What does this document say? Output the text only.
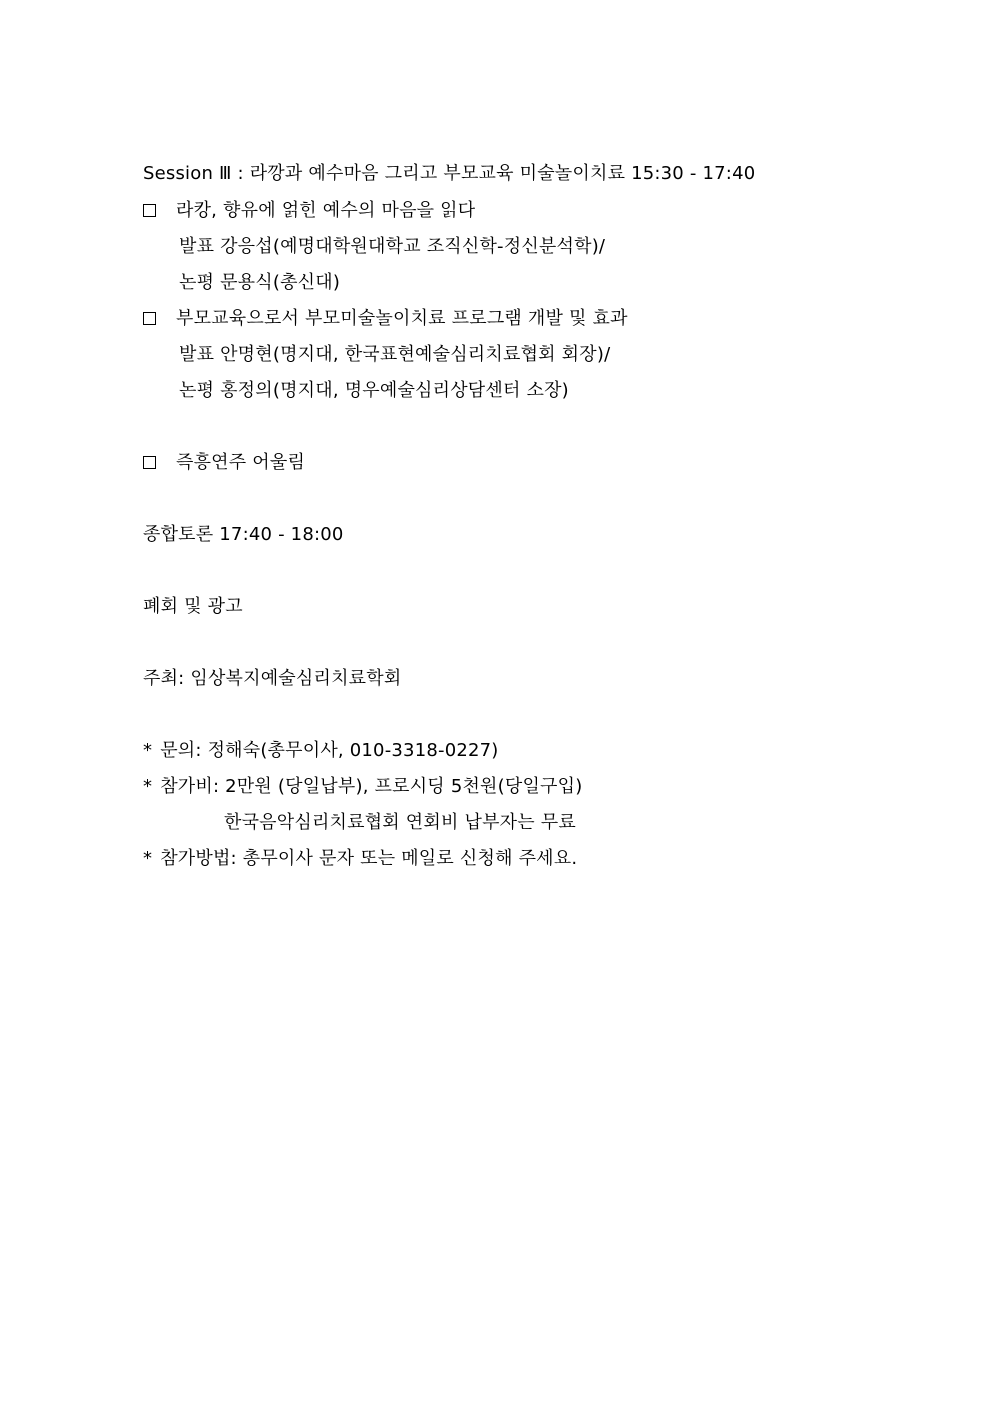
Session Ⅲ : 라깡과 예수마음 그리고 부모교육 미술놀이치료 15:30 - 17:40
라캉, 향유에 얽힌 예수의 마음을 읽다
발표 강응섭(예명대학원대학교 조직신학-정신분석학)/
논평 문용식(총신대)
부모교육으로서 부모미술놀이치료 프로그램 개발 및 효과
발표 안명현(명지대, 한국표현예술심리치료협회 회장)/
논평 홍정의(명지대, 명우예술심리상담센터 소장)
즉흥연주 어울림
종합토론 17:40 - 18:00
폐회 및 광고
주최: 임상복지예술심리치료학회
* 문의: 정해숙(총무이사, 010-3318-0227)
* 참가비: 2만원 (당일납부), 프로시딩 5천원(당일구입)
한국음악심리치료협회 연회비 납부자는 무료
* 참가방법: 총무이사 문자 또는 메일로 신청해 주세요.
